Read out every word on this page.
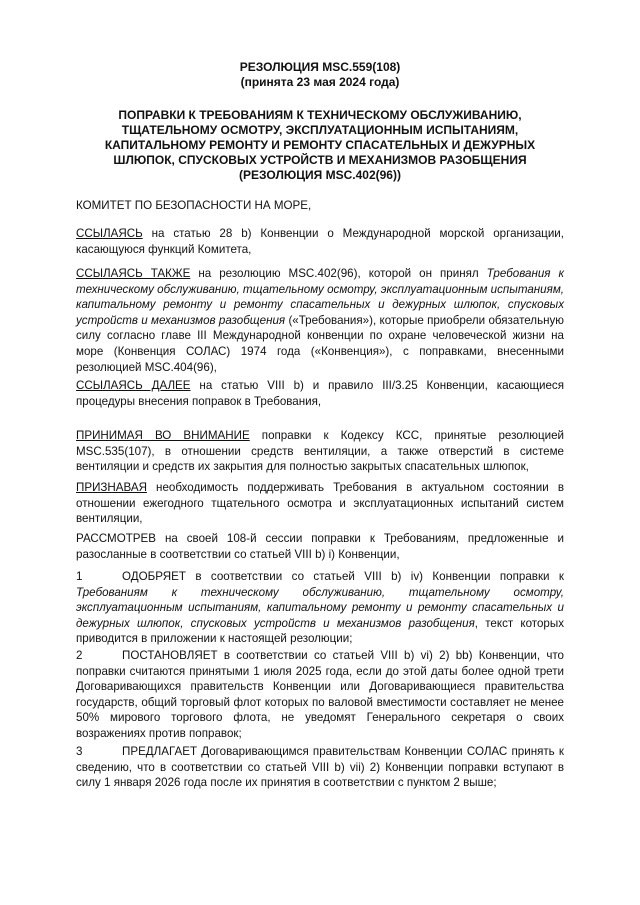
РЕЗОЛЮЦИЯ MSC.559(108)

(принята 23 мая 2024 года)

ПОПРАВКИ К ТРЕБОВАНИЯМ К ТЕХНИЧЕСКОМУ ОБСЛУЖИВАНИЮ,
ТЩАТЕЛЬНОМУ ОСМОТРУ, ЭКСПЛУАТАЦИОННЫМ ИСПЫТАНИЯМ,
КАПИТАЛЬНОМУ РЕМОНТУ И РЕМОНТУ СПАСАТЕЛЬНЫХ И ДЕЖУРНЫХ
ШЛЮПОК, СПУСКОВЫХ УСТРОЙСТВ И МЕХАНИЗМОВ РАЗОБЩЕНИЯ
(РЕЗОЛЮЦИЯ MSC.402(96))

КОМИТЕТ ПО БЕЗОПАСНОСТИ НА МОРЕ,

ССЫЛАЯСЬ на статью 28 b) Конвенции о Международной морской организации, касающуюся функций Комитета,

ССЫЛАЯСЬ ТАКЖЕ на резолюцию MSC.402(96), которой он принял Требования к техническому обслуживанию, тщательному осмотру, эксплуатационным испытаниям, капитальному ремонту и ремонту спасательных и дежурных шлюпок, спусковых устройств и механизмов разобщения («Требования»), которые приобрели обязательную силу согласно главе III Международной конвенции по охране человеческой жизни на море (Конвенция СОЛАС) 1974 года («Конвенция»), с поправками, внесенными резолюцией MSC.404(96),

ССЫЛАЯСЬ ДАЛЕЕ на статью VIII b) и правило III/3.25 Конвенции, касающиеся процедуры внесения поправок в Требования,

ПРИНИМАЯ ВО ВНИМАНИЕ поправки к Кодексу КСС, принятые резолюцией MSC.535(107), в отношении средств вентиляции, а также отверстий в системе вентиляции и средств их закрытия для полностью закрытых спасательных шлюпок,

ПРИЗНАВАЯ необходимость поддерживать Требования в актуальном состоянии в отношении ежегодного тщательного осмотра и эксплуатационных испытаний систем вентиляции,

РАССМОТРЕВ на своей 108-й сессии поправки к Требованиям, предложенные и разосланные в соответствии со статьей VIII b) i) Конвенции,

1	ОДОБРЯЕТ в соответствии со статьей VIII b) iv) Конвенции поправки к Требованиям к техническому обслуживанию, тщательному осмотру, эксплуатационным испытаниям, капитальному ремонту и ремонту спасательных и дежурных шлюпок, спусковых устройств и механизмов разобщения, текст которых приводится в приложении к настоящей резолюции;

2	ПОСТАНОВЛЯЕТ в соответствии со статьей VIII b) vi) 2) bb) Конвенции, что поправки считаются принятыми 1 июля 2025 года, если до этой даты более одной трети Договаривающихся правительств Конвенции или Договаривающиеся правительства государств, общий торговый флот которых по валовой вместимости составляет не менее 50% мирового торгового флота, не уведомят Генерального секретаря о своих возражениях против поправок;

3	ПРЕДЛАГАЕТ Договаривающимся правительствам Конвенции СОЛАС принять к сведению, что в соответствии со статьей VIII b) vii) 2) Конвенции поправки вступают в силу 1 января 2026 года после их принятия в соответствии с пунктом 2 выше;
